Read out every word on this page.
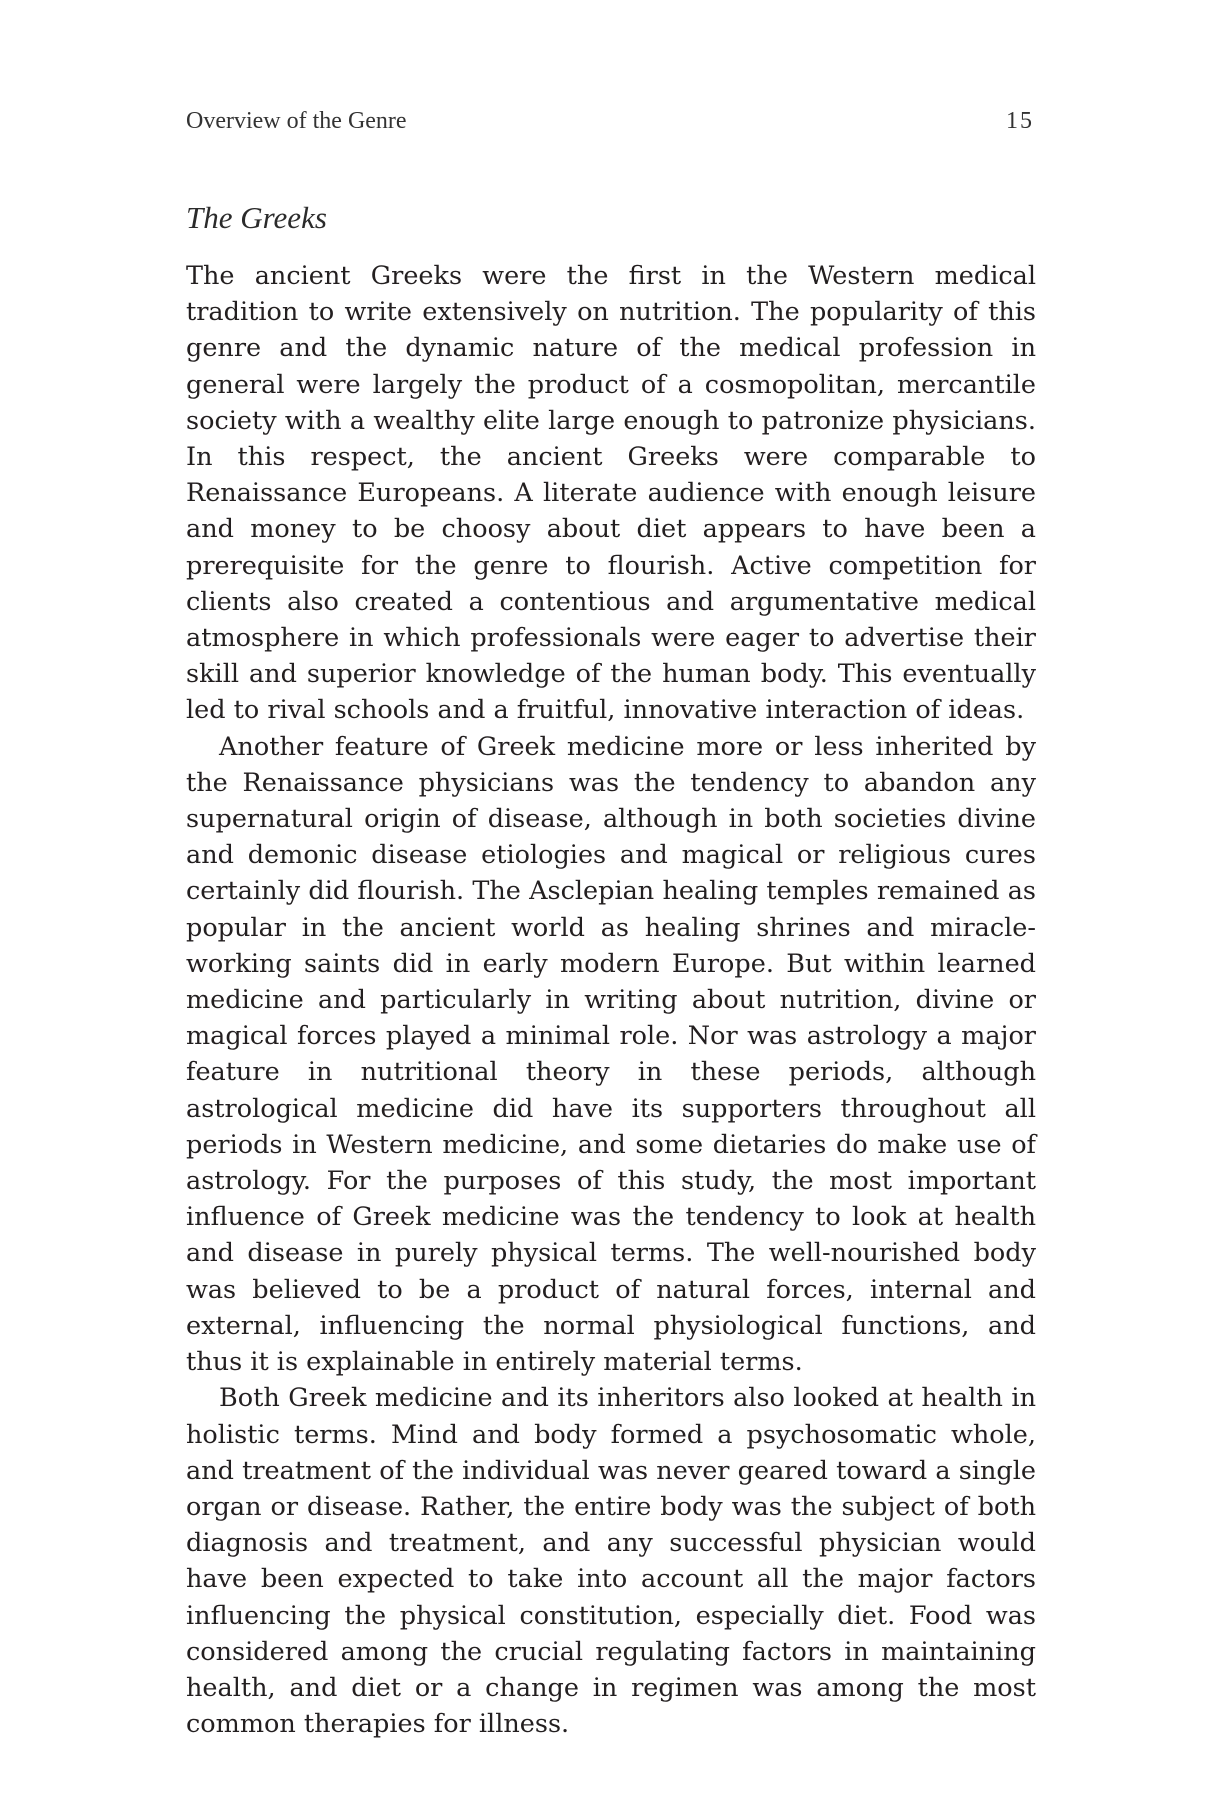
Overview of the Genre	15
The Greeks

The ancient Greeks were the first in the Western medical tradition to write extensively on nutrition. The popularity of this genre and the dynamic nature of the medical profession in general were largely the product of a cosmopolitan, mercantile society with a wealthy elite large enough to patronize physicians. In this respect, the ancient Greeks were comparable to Renaissance Europeans. A literate audience with enough leisure and money to be choosy about diet appears to have been a prerequisite for the genre to flourish. Active competition for clients also created a contentious and argumentative medical atmosphere in which professionals were eager to advertise their skill and superior knowledge of the human body. This eventually led to rival schools and a fruitful, innovative interaction of ideas.

Another feature of Greek medicine more or less inherited by the Renaissance physicians was the tendency to abandon any supernatural origin of disease, although in both societies divine and demonic disease etiologies and magical or religious cures certainly did flourish. The Asclepian healing temples remained as popular in the ancient world as healing shrines and miracle-working saints did in early modern Europe. But within learned medicine and particularly in writing about nutrition, divine or magical forces played a minimal role. Nor was astrology a major feature in nutritional theory in these periods, although astrological medicine did have its supporters throughout all periods in Western medicine, and some dietaries do make use of astrology. For the purposes of this study, the most important influence of Greek medicine was the tendency to look at health and disease in purely physical terms. The well-nourished body was believed to be a product of natural forces, internal and external, influencing the normal physiological functions, and thus it is explainable in entirely material terms.

Both Greek medicine and its inheritors also looked at health in holistic terms. Mind and body formed a psychosomatic whole, and treatment of the individual was never geared toward a single organ or disease. Rather, the entire body was the subject of both diagnosis and treatment, and any successful physician would have been expected to take into account all the major factors influencing the physical constitution, especially diet. Food was considered among the crucial regulating factors in maintaining health, and diet or a change in regimen was among the most common therapies for illness.
